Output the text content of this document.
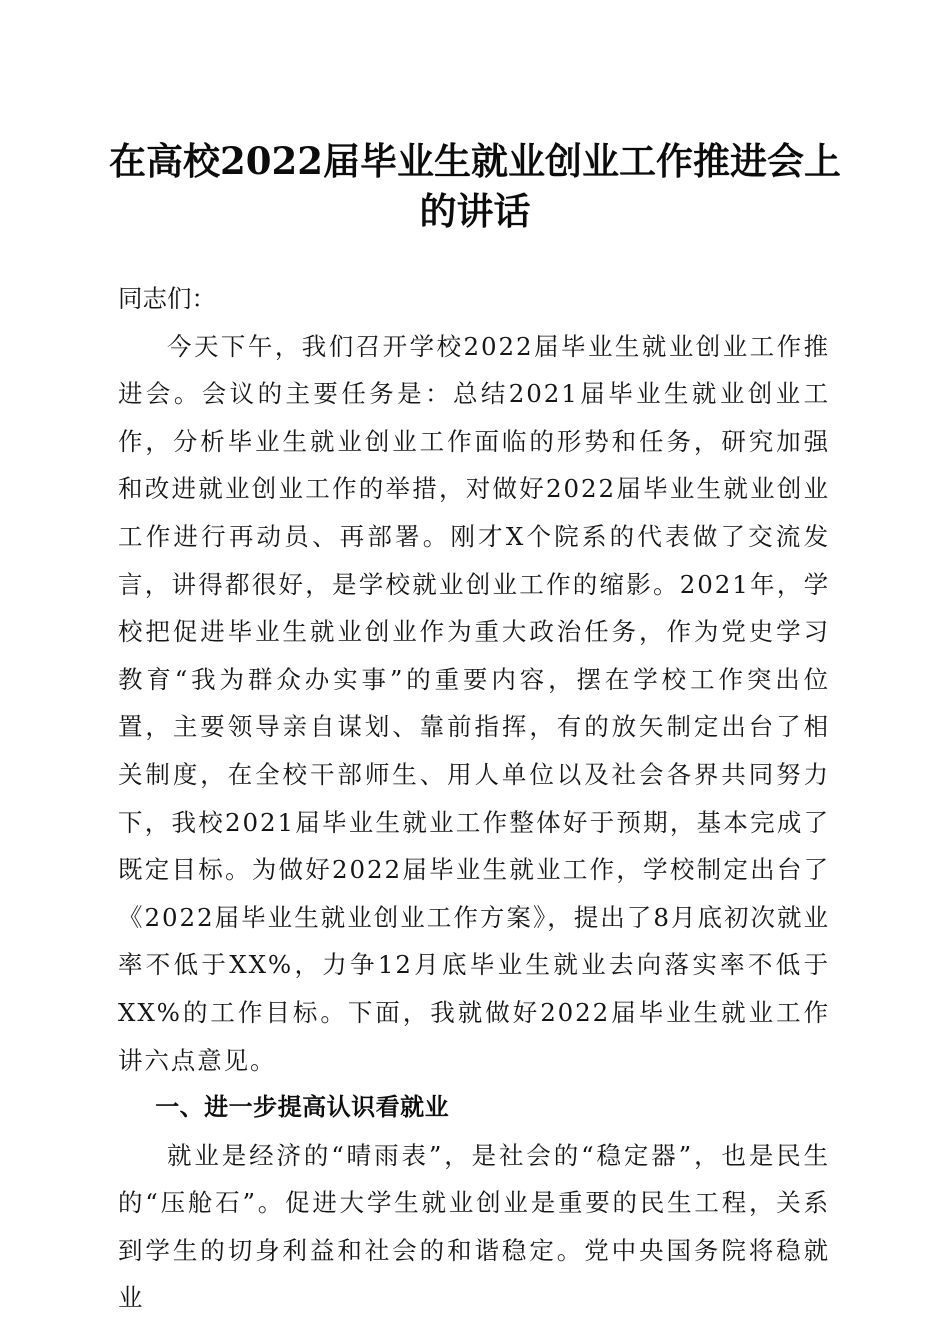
在高校2022届毕业生就业创业工作推进会上的讲话

同志们：

今天下午，我们召开学校2022届毕业生就业创业工作推进会。会议的主要任务是：总结2021届毕业生就业创业工作，分析毕业生就业创业工作面临的形势和任务，研究加强和改进就业创业工作的举措，对做好2022届毕业生就业创业工作进行再动员、再部署。刚才X个院系的代表做了交流发言，讲得都很好，是学校就业创业工作的缩影。2021年，学校把促进毕业生就业创业作为重大政治任务，作为党史学习教育“我为群众办实事”的重要内容，摆在学校工作突出位置，主要领导亲自谋划、靠前指挥，有的放矢制定出台了相关制度，在全校干部师生、用人单位以及社会各界共同努力下，我校2021届毕业生就业工作整体好于预期，基本完成了既定目标。为做好2022届毕业生就业工作，学校制定出台了《2022届毕业生就业创业工作方案》，提出了8月底初次就业率不低于XX%，力争12月底毕业生就业去向落实率不低于XX%的工作目标。下面，我就做好2022届毕业生就业工作讲六点意见。

一、进一步提高认识看就业

就业是经济的“晴雨表”，是社会的“稳定器”，也是民生的“压舱石”。促进大学生就业创业是重要的民生工程，关系到学生的切身利益和社会的和谐稳定。党中央国务院将稳就业
